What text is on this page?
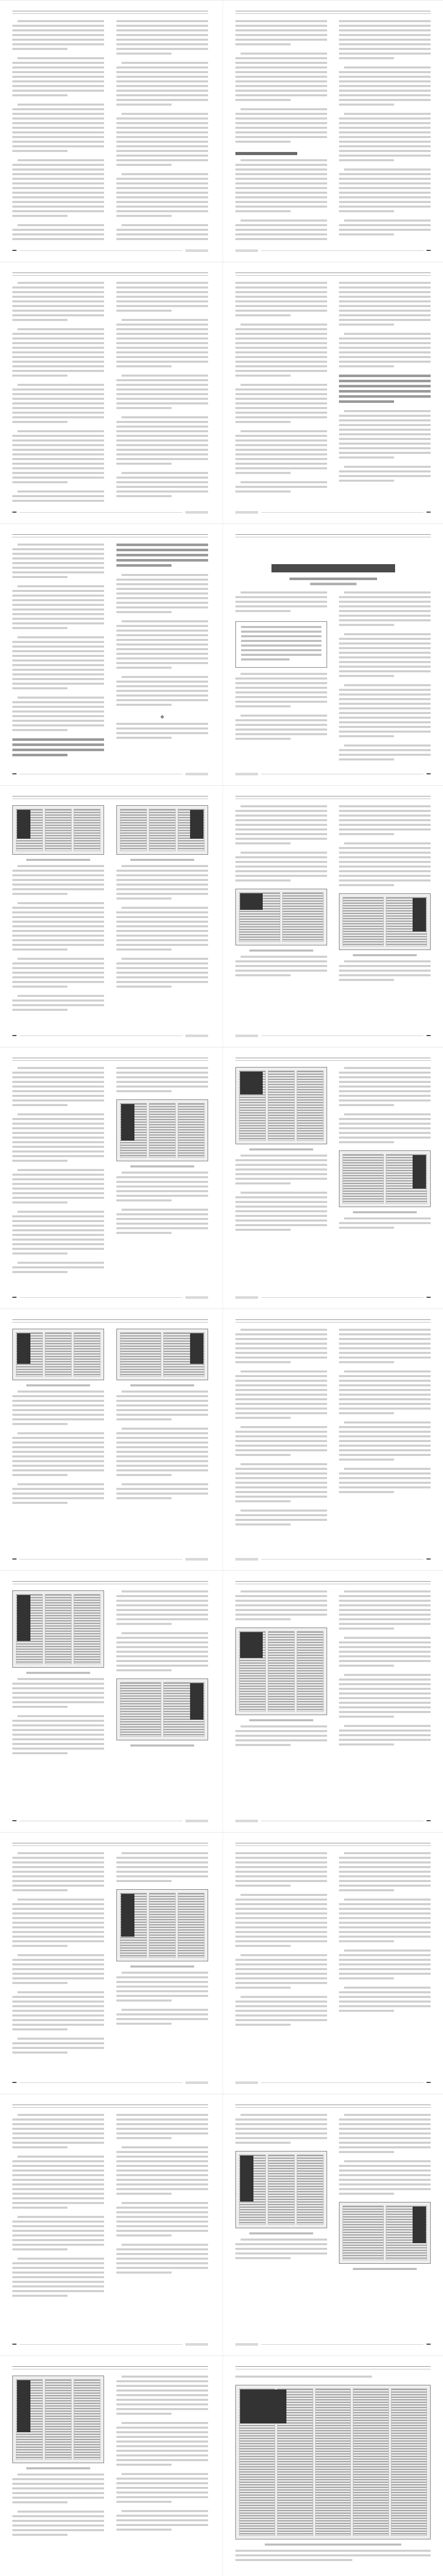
◆
